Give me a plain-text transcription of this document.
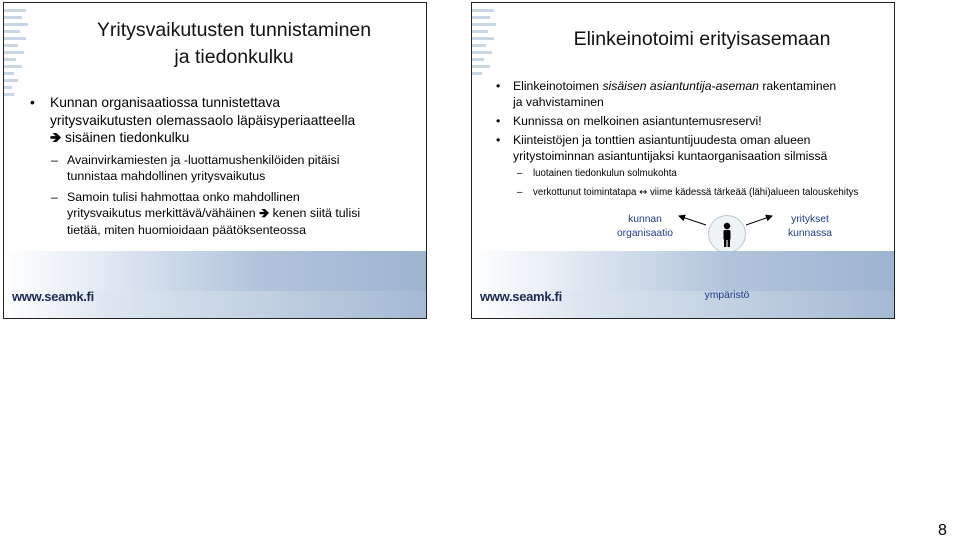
Yritysvaikutusten tunnistaminen
ja tiedonkulku
• Kunnan organisaatiossa tunnistettava
yritysvaikutusten olemassaolo läpäisyperiaatteella
🡺 sisäinen tiedonkulku
– Avainvirkamiesten ja -luottamushenkilöiden pitäisi
tunnistaa mahdollinen yritysvaikutus
– Samoin tulisi hahmottaa onko mahdollinen
yritysvaikutus merkittävä/vähäinen 🡺 kenen siitä tulisi
tietää, miten huomioidaan päätöksenteossa
www.seamk.fi
Elinkeinotoimi erityisasemaan
• Elinkeinotoimen sisäisen asiantuntija-aseman rakentaminen
ja vahvistaminen
• Kunnissa on melkoinen asiantuntemusreservi!
• Kiinteistöjen ja tonttien asiantuntijuudesta oman alueen
yritystoiminnan asiantuntijaksi kuntaorganisaation silmissä
– luotainen tiedonkulun solmukohta
– verkottunut toimintatapa ↔ viime kädessä tärkeää (lähi)alueen talouskehitys
kunnan
organisaatio
yritykset
kunnassa
ympäristö
www.seamk.fi
8
